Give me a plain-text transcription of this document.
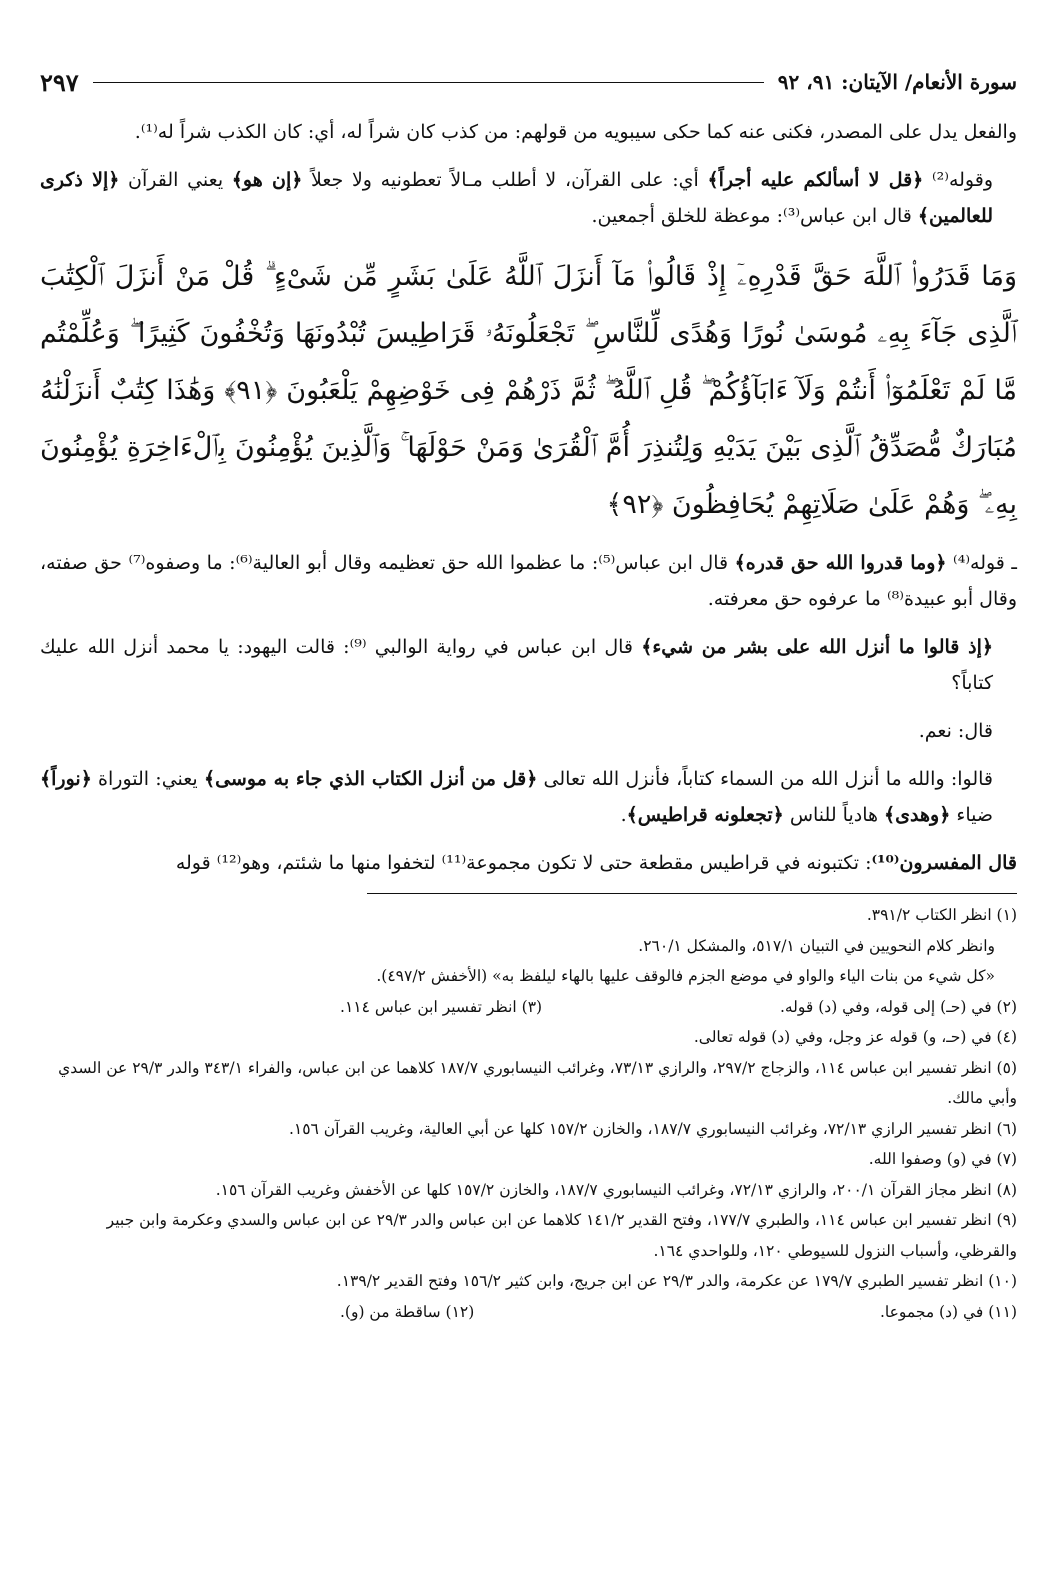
سورة الأنعام/ الآيتان: ٩١، ٩٢
٢٩٧

والفعل يدل على المصدر، فكنى عنه كما حكى سيبويه من قولهم: من كذب كان شراً له، أي: كان الكذب شراً له⁽¹⁾.

وقوله⁽²⁾ ﴿قل لا أسألكم عليه أجراً﴾ أي: على القرآن، لا أطلب مـالاً تعطونيه ولا جعلاً ﴿إن هو﴾ يعني القرآن ﴿إلا ذكرى للعالمين﴾ قال ابن عباس⁽³⁾: موعظة للخلق أجمعين.

وَمَا قَدَرُوا۟ ٱللَّهَ حَقَّ قَدْرِهِۦٓ إِذْ قَالُوا۟ مَآ أَنزَلَ ٱللَّهُ عَلَىٰ بَشَرٍ مِّن شَىْءٍ ۗ قُلْ مَنْ أَنزَلَ ٱلْكِتَٰبَ ٱلَّذِى جَآءَ بِهِۦ مُوسَىٰ نُورًا وَهُدًى لِّلنَّاسِ ۖ تَجْعَلُونَهُۥ قَرَاطِيسَ تُبْدُونَهَا وَتُخْفُونَ كَثِيرًا ۖ وَعُلِّمْتُم مَّا لَمْ تَعْلَمُوٓا۟ أَنتُمْ وَلَآ ءَابَآؤُكُمْ ۖ قُلِ ٱللَّهُ ۖ ثُمَّ ذَرْهُمْ فِى خَوْضِهِمْ يَلْعَبُونَ ﴿٩١﴾ وَهَٰذَا كِتَٰبٌ أَنزَلْنَٰهُ مُبَارَكٌ مُّصَدِّقُ ٱلَّذِى بَيْنَ يَدَيْهِ وَلِتُنذِرَ أُمَّ ٱلْقُرَىٰ وَمَنْ حَوْلَهَا ۚ وَٱلَّذِينَ يُؤْمِنُونَ بِٱلْءَاخِرَةِ يُؤْمِنُونَ بِهِۦ ۖ وَهُمْ عَلَىٰ صَلَاتِهِمْ يُحَافِظُونَ ﴿٩٢﴾

ـ قوله⁽⁴⁾ ﴿وما قدروا الله حق قدره﴾ قال ابن عباس⁽⁵⁾: ما عظموا الله حق تعظيمه وقال أبو العالية⁽⁶⁾: ما وصفوه⁽⁷⁾ حق صفته، وقال أبو عبيدة⁽⁸⁾ ما عرفوه حق معرفته.

﴿إذ قالوا ما أنزل الله على بشر من شيء﴾ قال ابن عباس في رواية الوالبي ⁽⁹⁾: قالت اليهود: يا محمد أنزل الله عليك كتاباً؟

قال: نعم.

قالوا: والله ما أنزل الله من السماء كتاباً، فأنزل الله تعالى ﴿قل من أنزل الكتاب الذي جاء به موسى﴾ يعني: التوراة ﴿نوراً﴾ ضياء ﴿وهدى﴾ هادياً للناس ﴿تجعلونه قراطيس﴾.

قال المفسرون⁽¹⁰⁾: تكتبونه في قراطيس مقطعة حتى لا تكون مجموعة⁽¹¹⁾ لتخفوا منها ما شئتم، وهو⁽¹²⁾ قوله

(١) انظر الكتاب ٣٩١/٢.
وانظر كلام النحويين في التبيان ٥١٧/١، والمشكل ٢٦٠/١.
«كل شيء من بنات الياء والواو في موضع الجزم فالوقف عليها بالهاء ليلفظ به» (الأخفش ٤٩٧/٢).
(٢) في (حـ) إلى قوله، وفي (د) قوله.
(٣) انظر تفسير ابن عباس ١١٤.
(٤) في (حـ، و) قوله عز وجل، وفي (د) قوله تعالى.
(٥) انظر تفسير ابن عباس ١١٤، والزجاج ٢٩٧/٢، والرازي ٧٣/١٣، وغرائب النيسابوري ١٨٧/٧ كلاهما عن ابن عباس، والفراء ٣٤٣/١ والدر ٢٩/٣ عن السدي وأبي مالك.
(٦) انظر تفسير الرازي ٧٢/١٣، وغرائب النيسابوري ١٨٧/٧، والخازن ١٥٧/٢ كلها عن أبي العالية، وغريب القرآن ١٥٦.
(٧) في (و) وصفوا الله.
(٨) انظر مجاز القرآن ٢٠٠/١، والرازي ٧٢/١٣، وغرائب النيسابوري ١٨٧/٧، والخازن ١٥٧/٢ كلها عن الأخفش وغريب القرآن ١٥٦.
(٩) انظر تفسير ابن عباس ١١٤، والطبري ١٧٧/٧، وفتح القدير ١٤١/٢ كلاهما عن ابن عباس والدر ٢٩/٣ عن ابن عباس والسدي وعكرمة وابن جبير والقرظي، وأسباب النزول للسيوطي ١٢٠، وللواحدي ١٦٤.
(١٠) انظر تفسير الطبري ١٧٩/٧ عن عكرمة، والدر ٢٩/٣ عن ابن جريج، وابن كثير ١٥٦/٢ وفتح القدير ١٣٩/٢.
(١١) في (د) مجموعا.
(١٢) ساقطة من (و).
